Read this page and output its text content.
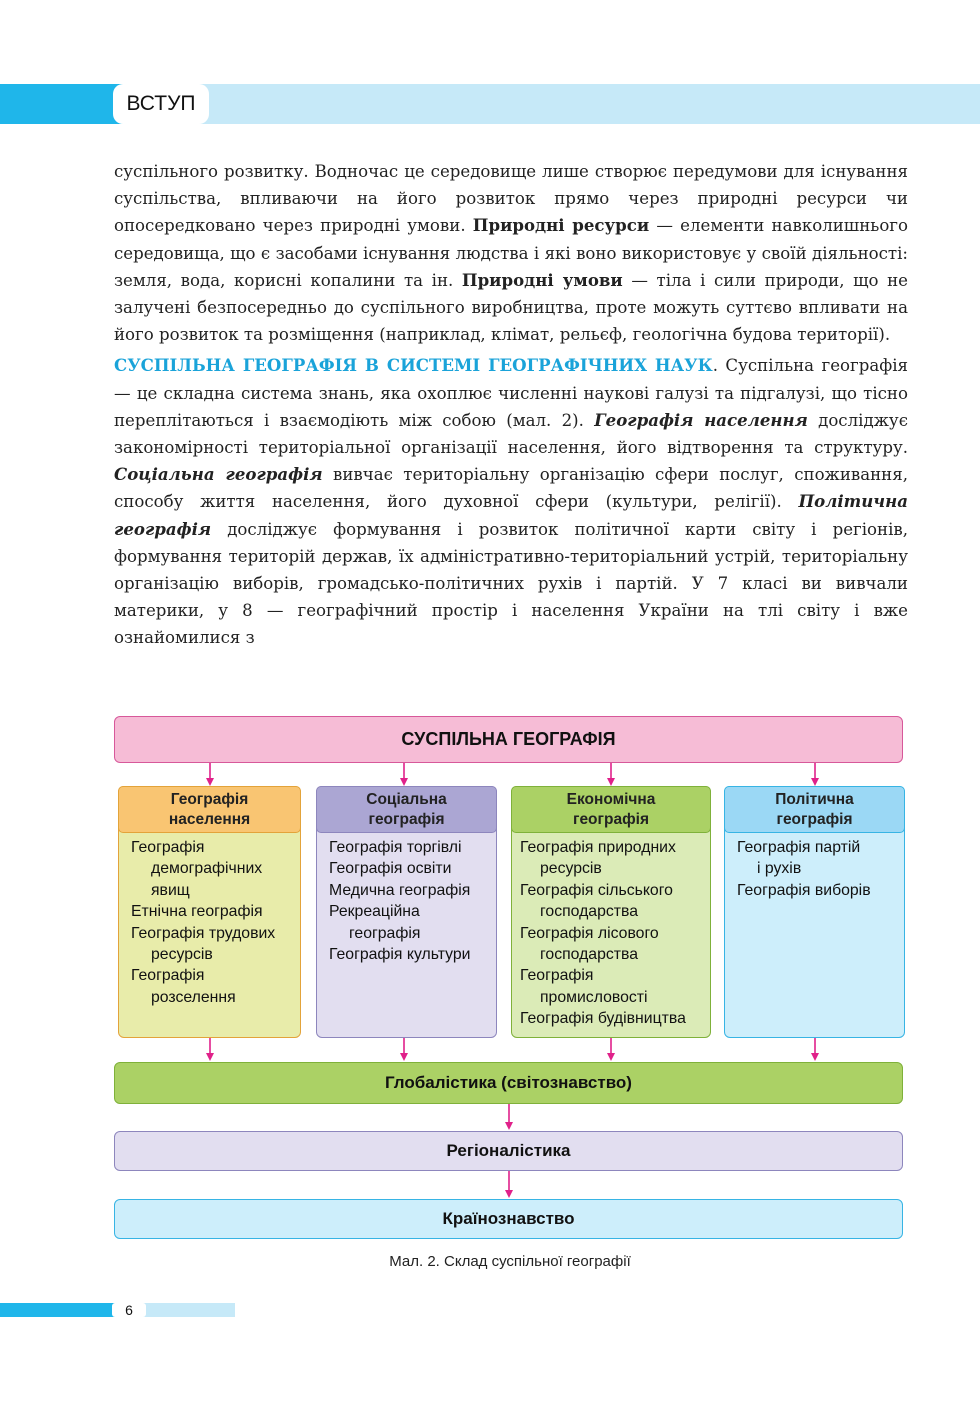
ВСТУП

суспільного розвитку. Водночас це середовище лише створює передумови для існування суспільства, впливаючи на його розвиток прямо через природні ресурси чи опосередковано через природні умови. Природні ресурси — елементи навколишнього середовища, що є засобами існування людства і які воно використовує у своїй діяльності: земля, вода, корисні копалини та ін. Природні умови — тіла і сили природи, що не залучені безпосередньо до суспільного виробництва, проте можуть суттєво впливати на його розвиток та розміщення (наприклад, клімат, рельєф, геологічна будова території).

СУСПІЛЬНА ГЕОГРАФІЯ В СИСТЕМІ ГЕОГРАФІЧНИХ НАУК. Суспільна географія — це складна система знань, яка охоплює численні наукові галузі та підгалузі, що тісно переплітаються і взаємодіють між собою (мал. 2). Географія населення досліджує закономірності територіальної організації населення, його відтворення та структуру. Соціальна географія вивчає територіальну організацію сфери послуг, споживання, способу життя населення, його духовної сфери (культури, релігії). Політична географія досліджує формування і розвиток політичної карти світу і регіонів, формування територій держав, їх адміністративно-територіальний устрій, територіальну організацію виборів, громадсько-політичних рухів і партій. У 7 класі ви вивчали материки, у 8 — географічний простір і населення України на тлі світу і вже ознайомилися з

СУСПІЛЬНА ГЕОГРАФІЯ
Географія
демографічних
явищ
Етнічна географія
Географія трудових
ресурсів
Географія
розселення
Географія
населення
Географія торгівлі
Географія освіти
Медична географія
Рекреаційна
географія
Географія культури
Соціальна
географія
Географія природних
ресурсів
Географія сільського
господарства
Географія лісового
господарства
Географія
промисловості
Географія будівництва
Економічна
географія
Географія партій
і рухів
Географія виборів
Політична
географія
Глобалістика (світознавство)
Регіоналістика
Країнознавство
Мал. 2. Склад суспільної географії
6
